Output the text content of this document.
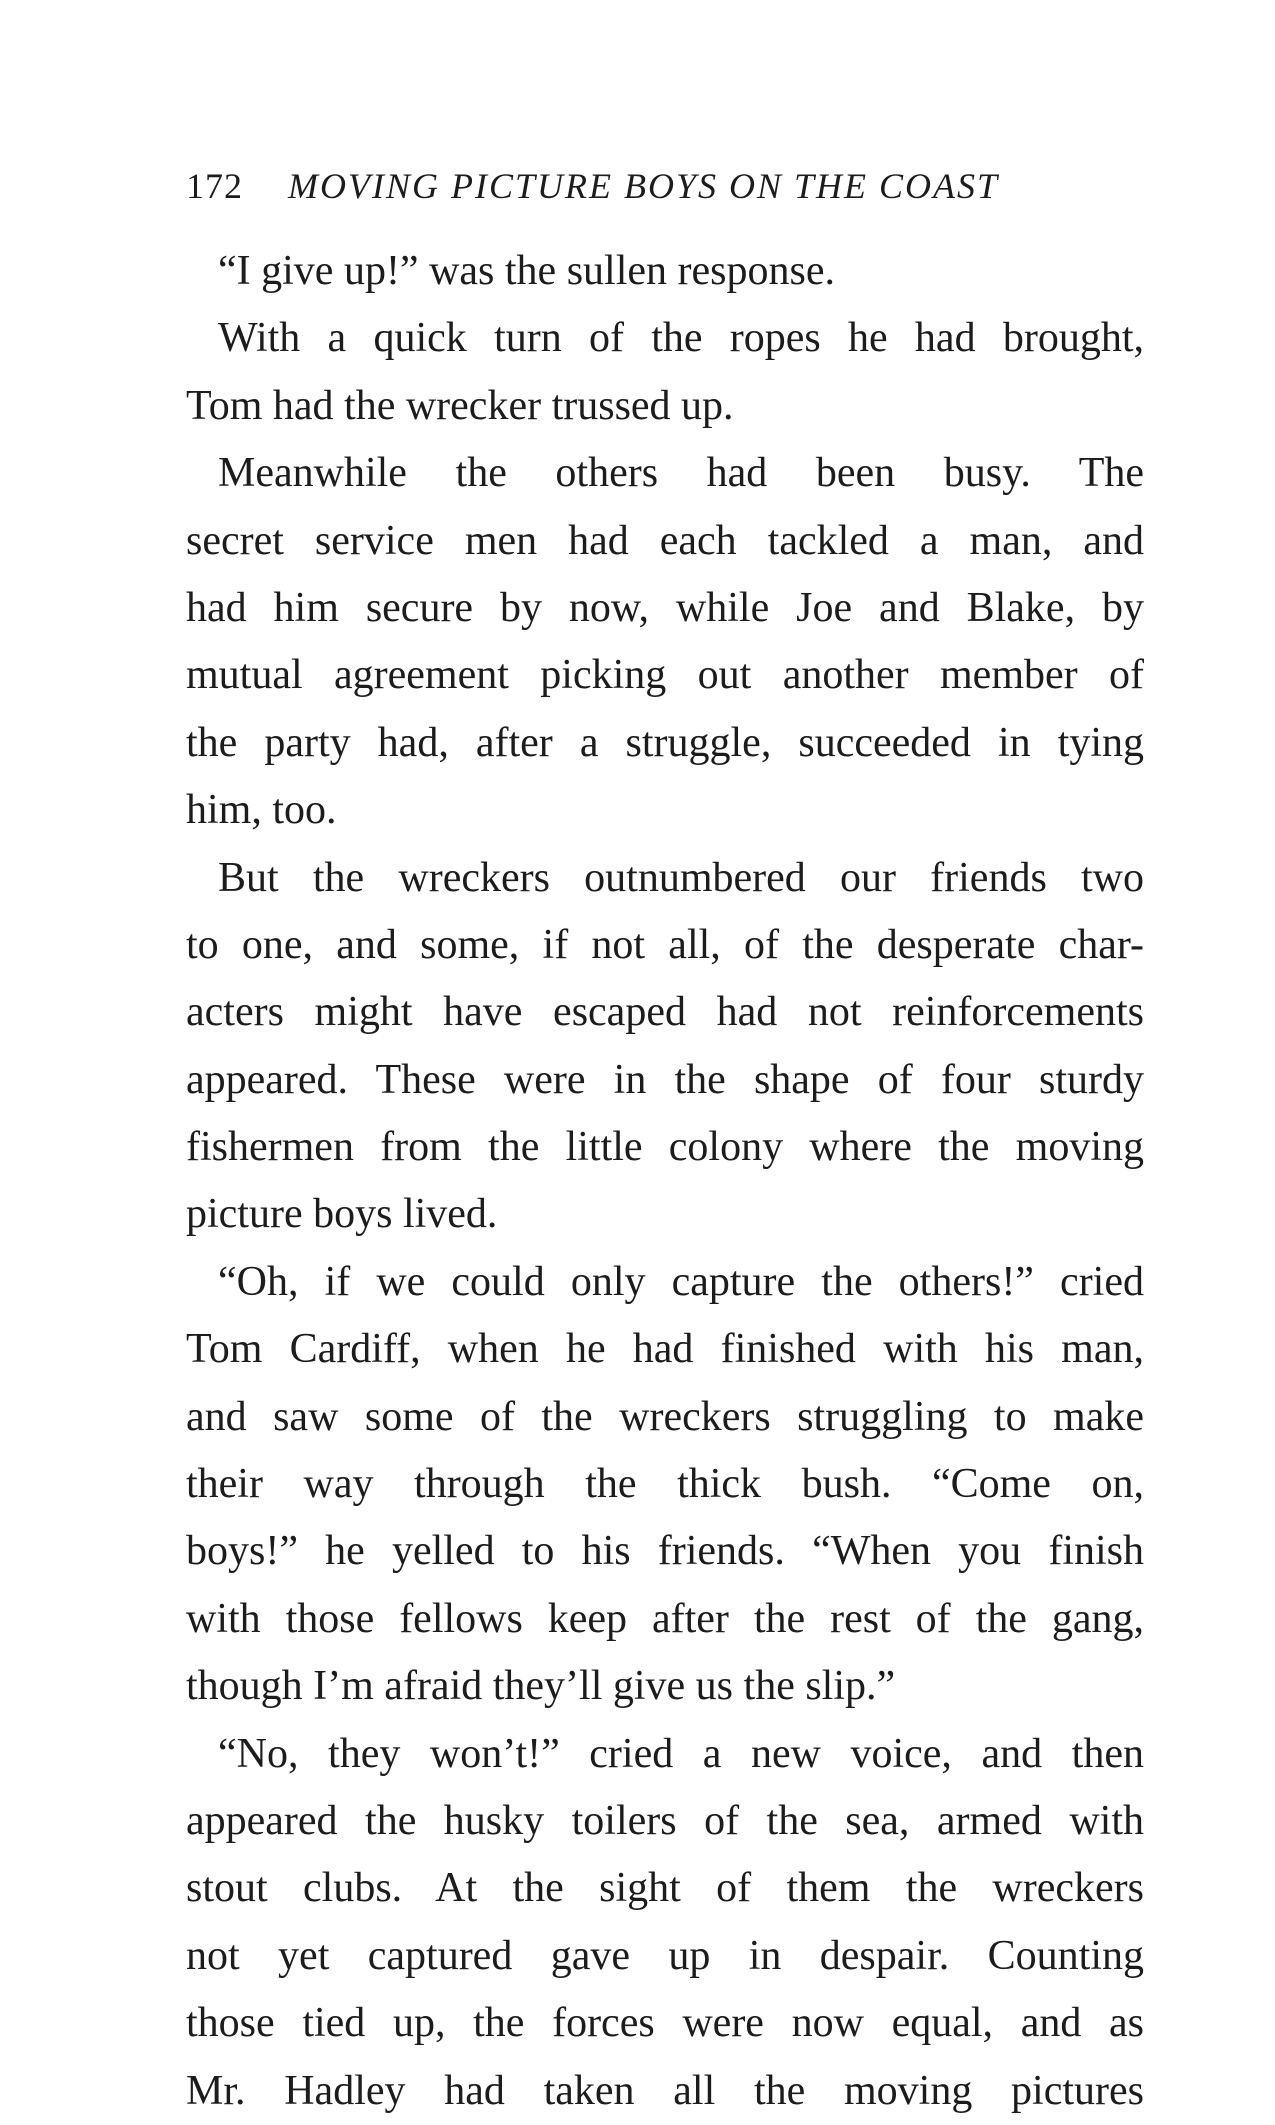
172 MOVING PICTURE BOYS ON THE COAST
“I give up!” was the sullen response.
With a quick turn of the ropes he had brought,
Tom had the wrecker trussed up.
Meanwhile the others had been busy. The
secret service men had each tackled a man, and
had him secure by now, while Joe and Blake, by
mutual agreement picking out another member of
the party had, after a struggle, succeeded in tying
him, too.
But the wreckers outnumbered our friends two
to one, and some, if not all, of the desperate char-
acters might have escaped had not reinforcements
appeared. These were in the shape of four sturdy
fishermen from the little colony where the moving
picture boys lived.
“Oh, if we could only capture the others!” cried
Tom Cardiff, when he had finished with his man,
and saw some of the wreckers struggling to make
their way through the thick bush. “Come on,
boys!” he yelled to his friends. “When you finish
with those fellows keep after the rest of the gang,
though I’m afraid they’ll give us the slip.”
“No, they won’t!” cried a new voice, and then
appeared the husky toilers of the sea, armed with
stout clubs. At the sight of them the wreckers
not yet captured gave up in despair. Counting
those tied up, the forces were now equal, and as
Mr. Hadley had taken all the moving pictures
